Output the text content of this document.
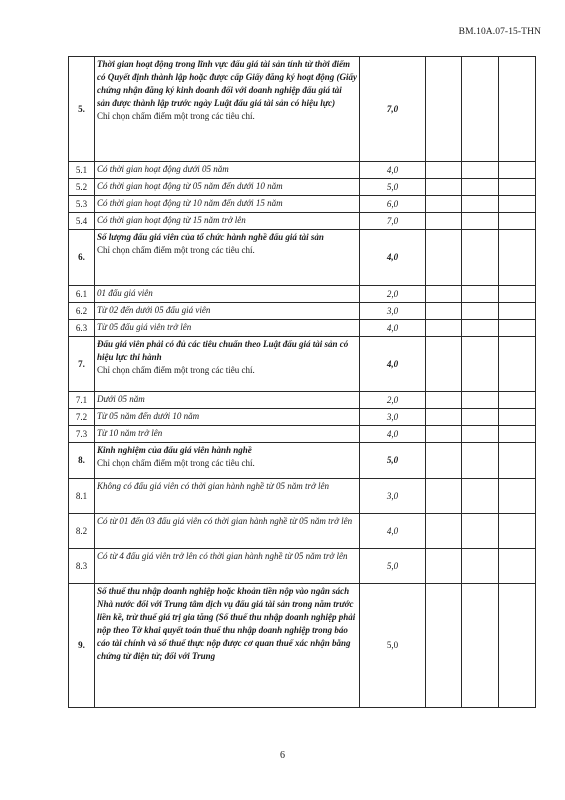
BM.10A.07-15-THN
5.	Thời gian hoạt động trong lĩnh vực đấu giá tài sản tính từ thời điểm có Quyết định thành lập hoặc được cấp Giấy đăng ký hoạt động (Giấy chứng nhận đăng ký kinh doanh đối với doanh nghiệp đấu giá tài sản được thành lập trước ngày Luật đấu giá tài sản có hiệu lực)
Chỉ chọn chấm điểm một trong các tiêu chí.	7,0			
5.1	Có thời gian hoạt động dưới 05 năm	4,0			
5.2	Có thời gian hoạt động từ 05 năm đến dưới 10 năm	5,0			
5.3	Có thời gian hoạt động từ 10 năm đến dưới 15 năm	6,0			
5.4	Có thời gian hoạt động từ 15 năm trở lên	7,0			
6.	Số lượng đấu giá viên của tổ chức hành nghề đấu giá tài sản
Chỉ chọn chấm điểm một trong các tiêu chí.	4,0			
6.1	01 đấu giá viên	2,0			
6.2	Từ 02 đến dưới 05 đấu giá viên	3,0			
6.3	Từ 05 đấu giá viên trở lên	4,0			
7.	Đấu giá viên phải có đủ các tiêu chuẩn theo Luật đấu giá tài sản có hiệu lực thi hành
Chỉ chọn chấm điểm một trong các tiêu chí.	4,0			
7.1	Dưới 05 năm	2,0			
7.2	Từ 05 năm đến dưới 10 năm	3,0			
7.3	Từ 10 năm trở lên	4,0			
8.	Kinh nghiệm của đấu giá viên hành nghề
Chỉ chọn chấm điểm một trong các tiêu chí.	5,0			
8.1	Không có đấu giá viên có thời gian hành nghề từ 05 năm trở lên	3,0			
8.2	Có từ 01 đến 03 đấu giá viên có thời gian hành nghề từ 05 năm trở lên	4,0			
8.3	Có từ 4 đấu giá viên trở lên có thời gian hành nghề từ 05 năm trở lên	5,0			
9.	Số thuế thu nhập doanh nghiệp hoặc khoản tiền nộp vào ngân sách Nhà nước đối với Trung tâm dịch vụ đấu giá tài sản trong năm trước liền kề, trừ thuế giá trị gia tăng (Số thuế thu nhập doanh nghiệp phải nộp theo Tờ khai quyết toán thuế thu nhập doanh nghiệp trong báo cáo tài chính và số thuế thực nộp được cơ quan thuế xác nhận bằng chứng từ điện tử; đối với Trung	5,0			
6
